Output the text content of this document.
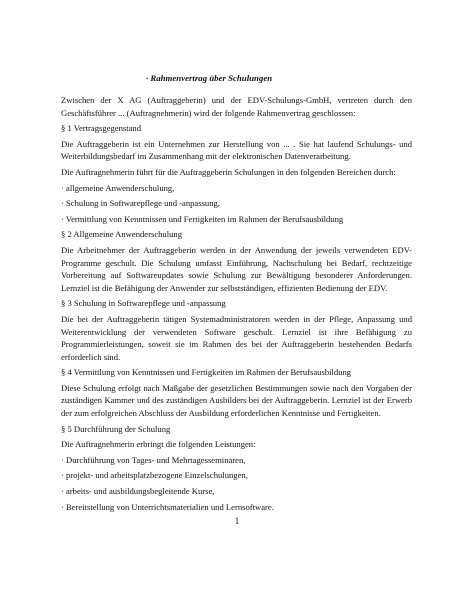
· Rahmenvertrag über Schulungen

Zwischen der X AG (Auftraggeberin) und der EDV-Schulungs-GmbH, vertreten durch den Geschäftsführer ... (Auftragnehmerin) wird der folgende Rahmenvertrag geschlossen:

§ 1 Vertragsgegenstand

Die Auftraggeberin ist ein Unternehmen zur Herstellung von ... . Sie hat laufend Schulungs- und Weiterbildungsbedarf im Zusammenhang mit der elektronischen Datenverarbeitung.

Die Auftragnehmerin führt für die Auftraggeberin Schulungen in den folgenden Bereichen durch:

· allgemeine Anwenderschulung,
· Schulung in Softwarepflege und -anpassung,
· Vermittlung von Kenntnissen und Fertigkeiten im Rahmen der Berufsausbildung

§ 2 Allgemeine Anwenderschulung

Die Arbeitnehmer der Auftraggeberin werden in der Anwendung der jeweils verwendeten EDV-Programme geschult. Die Schulung umfasst Einführung, Nachschulung bei Bedarf, rechtzeitige Vorbereitung auf Softwareupdates sowie Schulung zur Bewältigung besonderer Anforderungen. Lernziel ist die Befähigung der Anwender zur selbstständigen, effizienten Bedienung der EDV.

§ 3 Schulung in Softwarepflege und -anpassung

Die bei der Auftraggeberin tätigen Systemadministratoren werden in der Pflege, Anpassung und Weiterentwicklung der verwendeten Software geschult. Lernziel ist ihre Befähigung zu Programmierleistungen, soweit sie im Rahmen des bei der Auftraggeberin bestehenden Bedarfs erforderlich sind.

§ 4 Vermittlung von Kenntnissen und Fertigkeiten im Rahmen der Berufsausbildung

Diese Schulung erfolgt nach Maßgabe der gesetzlichen Bestimmungen sowie nach den Vorgaben der zuständigen Kammer und des zuständigen Ausbilders bei der Auftraggeberin. Lernziel ist der Erwerb der zum erfolgreichen Abschluss der Ausbildung erforderlichen Kenntnisse und Fertigkeiten.

§ 5 Durchführung der Schulung

Die Auftragnehmerin erbringt die folgenden Leistungen:

· Durchführung von Tages- und Mehrtagesseminaren,
· projekt- und arbeitsplatzbezogene Einzelschulungen,
· arbeits- und ausbildungsbegleitende Kurse,
· Bereitstellung von Unterrichtsmaterialien und Lernsoftware.
1
